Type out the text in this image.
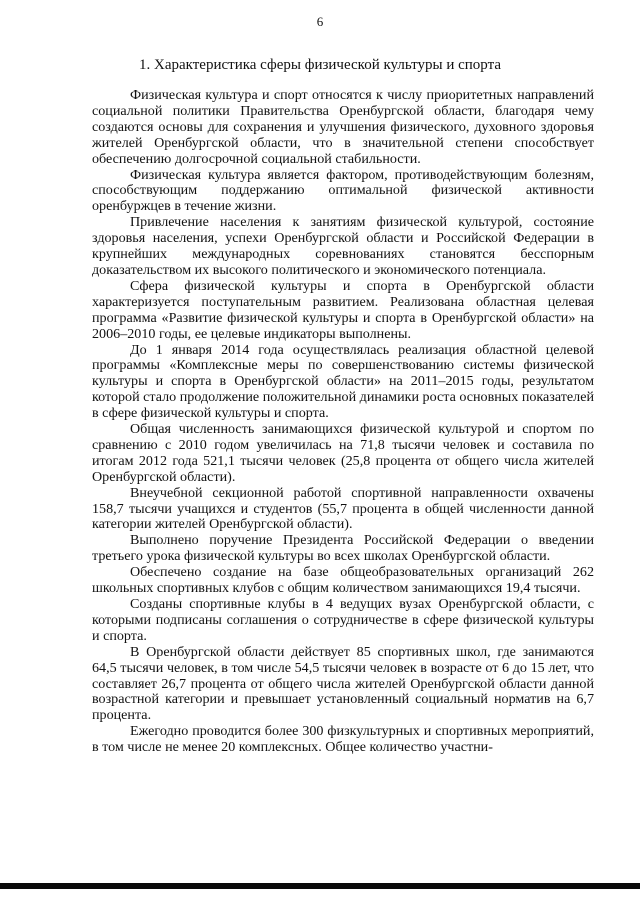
6
1. Характеристика сферы физической культуры и спорта

Физическая культура и спорт относятся к числу приоритетных направлений социальной политики Правительства Оренбургской области, благодаря чему создаются основы для сохранения и улучшения физического, духовного здоровья жителей Оренбургской области, что в значительной степени способствует обеспечению долгосрочной социальной стабильности.

Физическая культура является фактором, противодействующим болезням, способствующим поддержанию оптимальной физической активности оренбуржцев в течение жизни.

Привлечение населения к занятиям физической культурой, состояние здоровья населения, успехи Оренбургской области и Российской Федерации в крупнейших международных соревнованиях становятся бесспорным доказательством их высокого политического и экономического потенциала.

Сфера физической культуры и спорта в Оренбургской области характеризуется поступательным развитием. Реализована областная целевая программа «Развитие физической культуры и спорта в Оренбургской области» на 2006–2010 годы, ее целевые индикаторы выполнены.

До 1 января 2014 года осуществлялась реализация областной целевой программы «Комплексные меры по совершенствованию системы физической культуры и спорта в Оренбургской области» на 2011–2015 годы, результатом которой стало продолжение положительной динамики роста основных показателей в сфере физической культуры и спорта.

Общая численность занимающихся физической культурой и спортом по сравнению с 2010 годом увеличилась на 71,8 тысячи человек и составила по итогам 2012 года 521,1 тысячи человек (25,8 процента от общего числа жителей Оренбургской области).

Внеучебной секционной работой спортивной направленности охвачены 158,7 тысячи учащихся и студентов (55,7 процента в общей численности данной категории жителей Оренбургской области).

Выполнено поручение Президента Российской Федерации о введении третьего урока физической культуры во всех школах Оренбургской области.

Обеспечено создание на базе общеобразовательных организаций 262 школьных спортивных клубов с общим количеством занимающихся 19,4 тысячи.

Созданы спортивные клубы в 4 ведущих вузах Оренбургской области, с которыми подписаны соглашения о сотрудничестве в сфере физической культуры и спорта.

В Оренбургской области действует 85 спортивных школ, где занимаются 64,5 тысячи человек, в том числе 54,5 тысячи человек в возрасте от 6 до 15 лет, что составляет 26,7 процента от общего числа жителей Оренбургской области данной возрастной категории и превышает установленный социальный норматив на 6,7 процента.

Ежегодно проводится более 300 физкультурных и спортивных мероприятий, в том числе не менее 20 комплексных. Общее количество участни-
